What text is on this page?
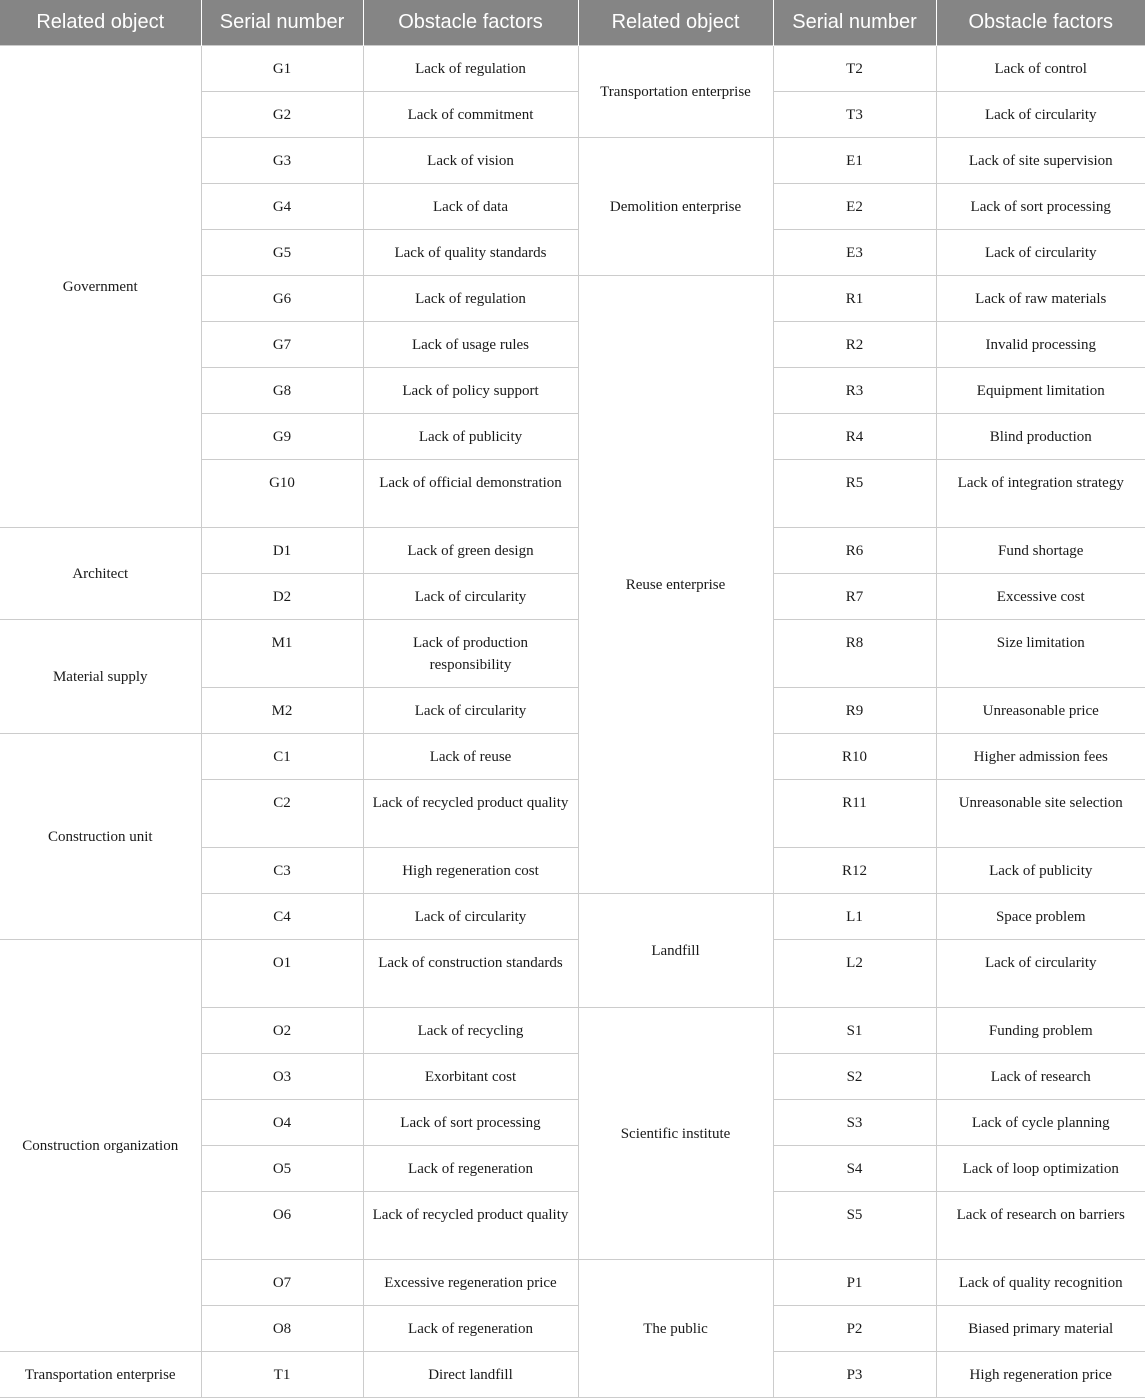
Related object	Serial number	Obstacle factors	Related object	Serial number	Obstacle factors
Government	G1	Lack of regulation	Transportation enterprise	T2	Lack of control
	G2	Lack of commitment		T3	Lack of circularity
	G3	Lack of vision	Demolition enterprise	E1	Lack of site supervision
	G4	Lack of data		E2	Lack of sort processing
	G5	Lack of quality standards		E3	Lack of circularity
	G6	Lack of regulation	Reuse enterprise	R1	Lack of raw materials
	G7	Lack of usage rules		R2	Invalid processing
	G8	Lack of policy support		R3	Equipment limitation
	G9	Lack of publicity		R4	Blind production
	G10	Lack of official demonstration		R5	Lack of integration strategy
Architect	D1	Lack of green design		R6	Fund shortage
	D2	Lack of circularity		R7	Excessive cost
Material supply	M1	Lack of production responsibility		R8	Size limitation
	M2	Lack of circularity		R9	Unreasonable price
Construction unit	C1	Lack of reuse		R10	Higher admission fees
	C2	Lack of recycled product quality		R11	Unreasonable site selection
	C3	High regeneration cost		R12	Lack of publicity
	C4	Lack of circularity	Landfill	L1	Space problem
Construction organization	O1	Lack of construction standards		L2	Lack of circularity
	O2	Lack of recycling	Scientific institute	S1	Funding problem
	O3	Exorbitant cost		S2	Lack of research
	O4	Lack of sort processing		S3	Lack of cycle planning
	O5	Lack of regeneration		S4	Lack of loop optimization
	O6	Lack of recycled product quality		S5	Lack of research on barriers
	O7	Excessive regeneration price	The public	P1	Lack of quality recognition
	O8	Lack of regeneration		P2	Biased primary material
Transportation enterprise	T1	Direct landfill		P3	High regeneration price
